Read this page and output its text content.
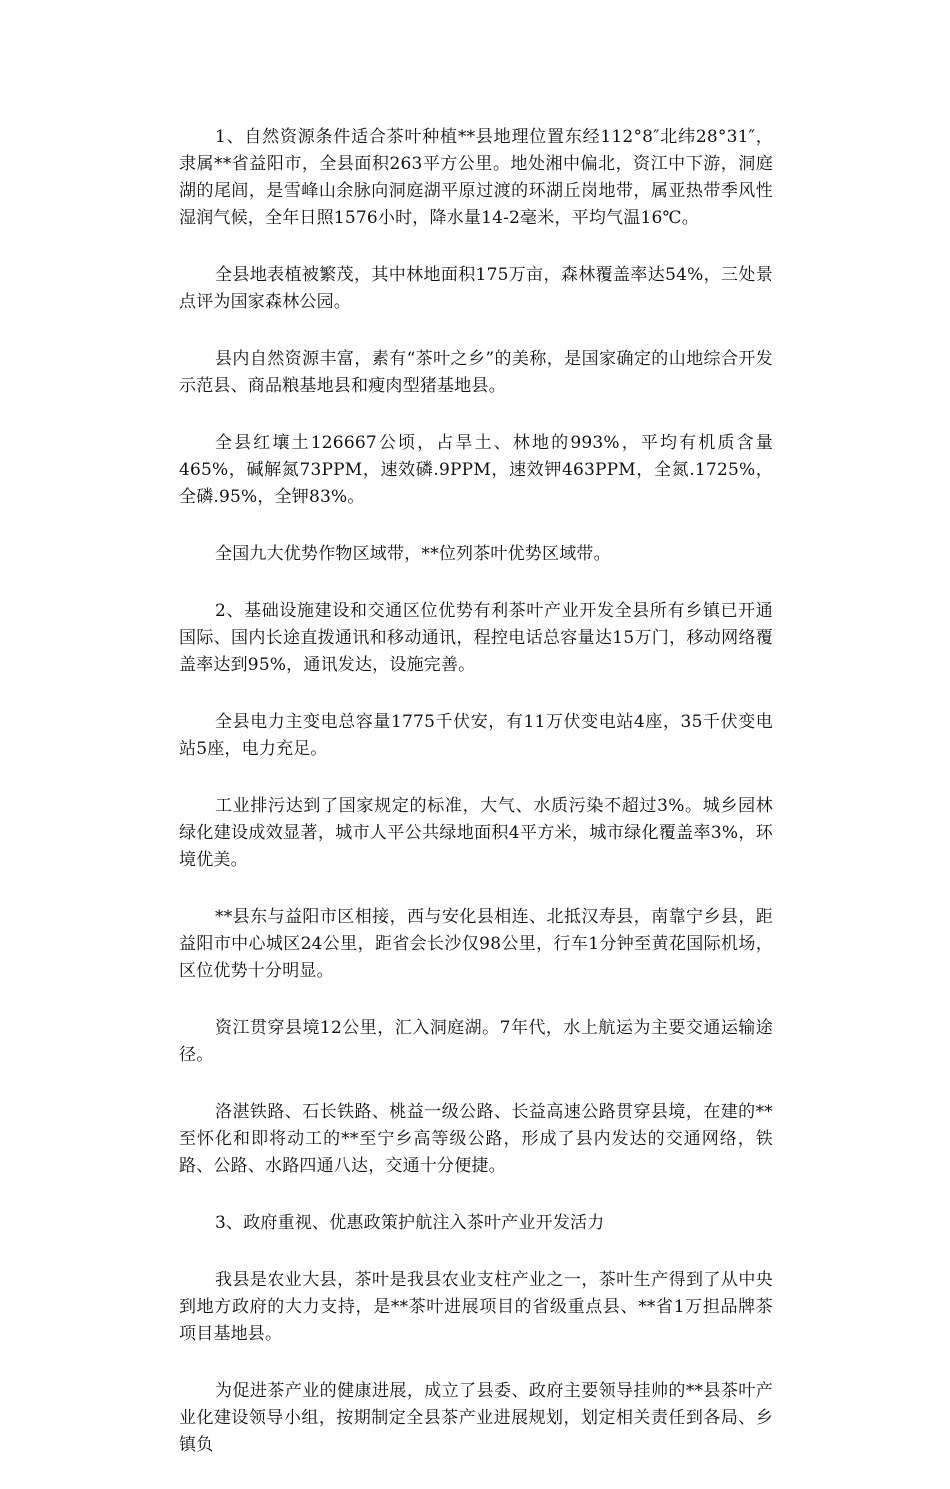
1、自然资源条件适合茶叶种植**县地理位置东经112°8″北纬28°31″，隶属**省益阳市，全县面积263平方公里。地处湘中偏北，资江中下游，洞庭湖的尾闾，是雪峰山余脉向洞庭湖平原过渡的环湖丘岗地带，属亚热带季风性湿润气候，全年日照1576小时，降水量14-2毫米，平均气温16℃。

全县地表植被繁茂，其中林地面积175万亩，森林覆盖率达54%，三处景点评为国家森林公园。

县内自然资源丰富，素有“茶叶之乡”的美称，是国家确定的山地综合开发示范县、商品粮基地县和瘦肉型猪基地县。

全县红壤土126667公顷，占旱土、林地的993%，平均有机质含量465%，碱解氮73PPM，速效磷.9PPM，速效钾463PPM，全氮.1725%，全磷.95%，全钾83%。

全国九大优势作物区域带，**位列茶叶优势区域带。

2、基础设施建设和交通区位优势有利茶叶产业开发全县所有乡镇已开通国际、国内长途直拨通讯和移动通讯，程控电话总容量达15万门，移动网络覆盖率达到95%，通讯发达，设施完善。

全县电力主变电总容量1775千伏安，有11万伏变电站4座，35千伏变电站5座，电力充足。

工业排污达到了国家规定的标准，大气、水质污染不超过3%。城乡园林绿化建设成效显著，城市人平公共绿地面积4平方米，城市绿化覆盖率3%，环境优美。

**县东与益阳市区相接，西与安化县相连、北抵汉寿县，南靠宁乡县，距益阳市中心城区24公里，距省会长沙仅98公里，行车1分钟至黄花国际机场，区位优势十分明显。

资江贯穿县境12公里，汇入洞庭湖。7年代，水上航运为主要交通运输途径。

洛湛铁路、石长铁路、桃益一级公路、长益高速公路贯穿县境，在建的**至怀化和即将动工的**至宁乡高等级公路，形成了县内发达的交通网络，铁路、公路、水路四通八达，交通十分便捷。

3、政府重视、优惠政策护航注入茶叶产业开发活力

我县是农业大县，茶叶是我县农业支柱产业之一，茶叶生产得到了从中央到地方政府的大力支持，是**茶叶进展项目的省级重点县、**省1万担品牌茶项目基地县。

为促进茶产业的健康进展，成立了县委、政府主要领导挂帅的**县茶叶产业化建设领导小组，按期制定全县茶产业进展规划，划定相关责任到各局、乡镇负
